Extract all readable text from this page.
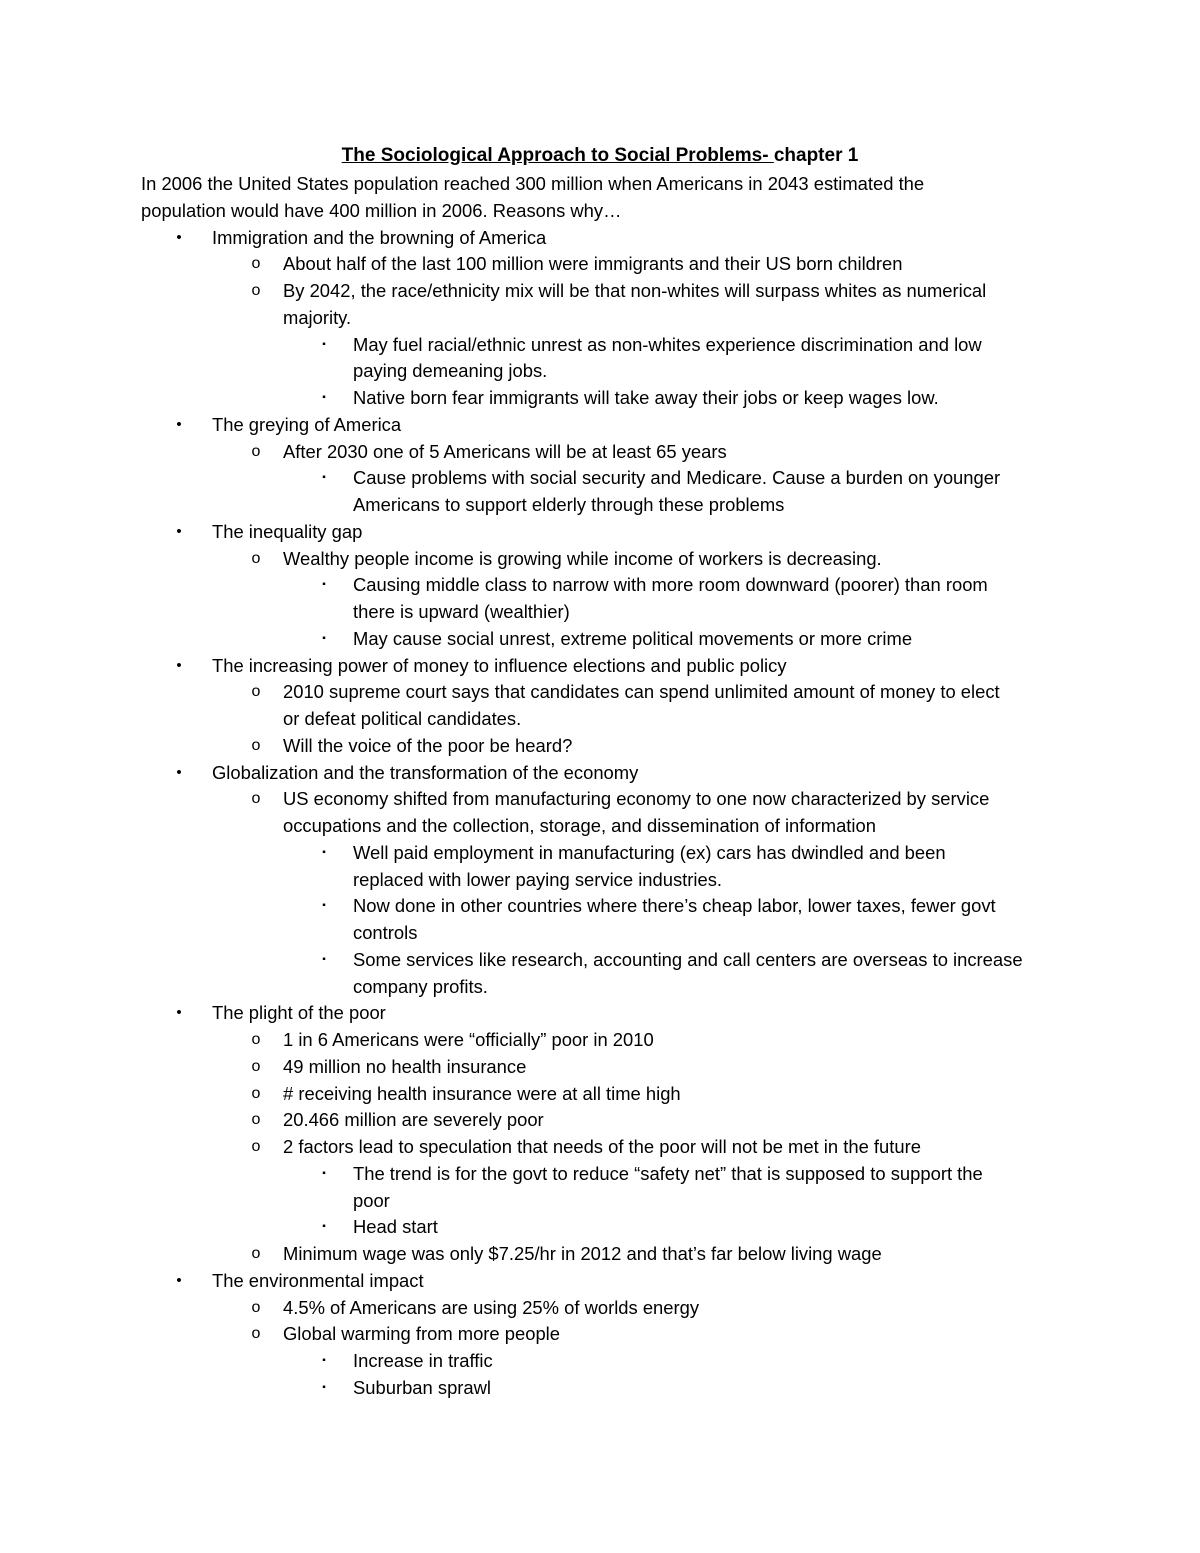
The Sociological Approach to Social Problems- chapter 1
In 2006 the United States population reached 300 million when Americans in 2043 estimated the
population would have 400 million in 2006. Reasons why…
• Immigration and the browning of America
o About half of the last 100 million were immigrants and their US born children
o By 2042, the race/ethnicity mix will be that non-whites will surpass whites as numerical
majority.
▪ May fuel racial/ethnic unrest as non-whites experience discrimination and low
paying demeaning jobs.
▪ Native born fear immigrants will take away their jobs or keep wages low.
• The greying of America
o After 2030 one of 5 Americans will be at least 65 years
▪ Cause problems with social security and Medicare. Cause a burden on younger
Americans to support elderly through these problems
• The inequality gap
o Wealthy people income is growing while income of workers is decreasing.
▪ Causing middle class to narrow with more room downward (poorer) than room
there is upward (wealthier)
▪ May cause social unrest, extreme political movements or more crime
• The increasing power of money to influence elections and public policy
o 2010 supreme court says that candidates can spend unlimited amount of money to elect
or defeat political candidates.
o Will the voice of the poor be heard?
• Globalization and the transformation of the economy
o US economy shifted from manufacturing economy to one now characterized by service
occupations and the collection, storage, and dissemination of information
▪ Well paid employment in manufacturing (ex) cars has dwindled and been
replaced with lower paying service industries.
▪ Now done in other countries where there’s cheap labor, lower taxes, fewer govt
controls
▪ Some services like research, accounting and call centers are overseas to increase
company profits.
• The plight of the poor
o 1 in 6 Americans were “officially” poor in 2010
o 49 million no health insurance
o # receiving health insurance were at all time high
o 20.466 million are severely poor
o 2 factors lead to speculation that needs of the poor will not be met in the future
▪ The trend is for the govt to reduce “safety net” that is supposed to support the
poor
▪ Head start
o Minimum wage was only $7.25/hr in 2012 and that’s far below living wage
• The environmental impact
o 4.5% of Americans are using 25% of worlds energy
o Global warming from more people
▪ Increase in traffic
▪ Suburban sprawl
